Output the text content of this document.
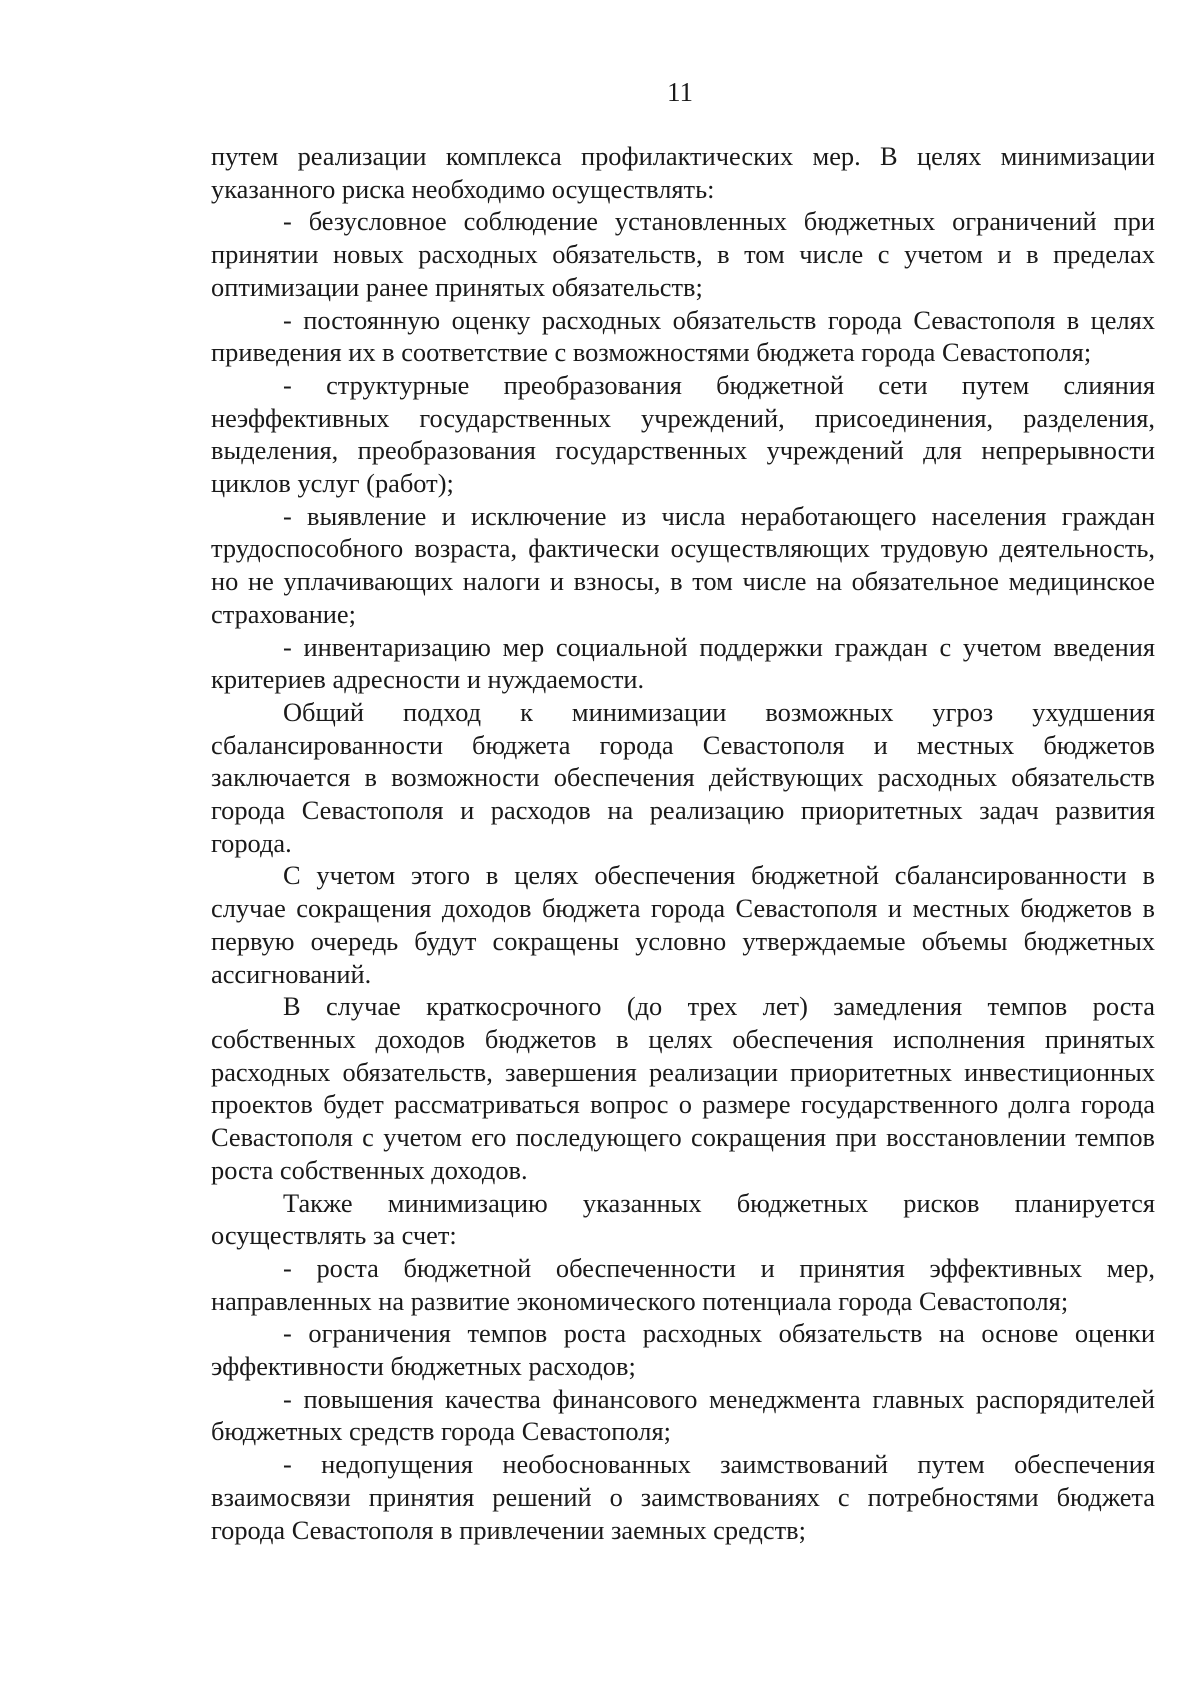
11

путем реализации комплекса профилактических мер. В целях минимизации указанного риска необходимо осуществлять:

- безусловное соблюдение установленных бюджетных ограничений при принятии новых расходных обязательств, в том числе с учетом и в пределах оптимизации ранее принятых обязательств;

- постоянную оценку расходных обязательств города Севастополя в целях приведения их в соответствие с возможностями бюджета города Севастополя;

- структурные преобразования бюджетной сети путем слияния неэффективных государственных учреждений, присоединения, разделения, выделения, преобразования государственных учреждений для непрерывности циклов услуг (работ);

- выявление и исключение из числа неработающего населения граждан трудоспособного возраста, фактически осуществляющих трудовую деятельность, но не уплачивающих налоги и взносы, в том числе на обязательное медицинское страхование;

- инвентаризацию мер социальной поддержки граждан с учетом введения критериев адресности и нуждаемости.

Общий подход к минимизации возможных угроз ухудшения сбалансированности бюджета города Севастополя и местных бюджетов заключается в возможности обеспечения действующих расходных обязательств города Севастополя и расходов на реализацию приоритетных задач развития города.

С учетом этого в целях обеспечения бюджетной сбалансированности в случае сокращения доходов бюджета города Севастополя и местных бюджетов в первую очередь будут сокращены условно утверждаемые объемы бюджетных ассигнований.

В случае краткосрочного (до трех лет) замедления темпов роста собственных доходов бюджетов в целях обеспечения исполнения принятых расходных обязательств, завершения реализации приоритетных инвестиционных проектов будет рассматриваться вопрос о размере государственного долга города Севастополя с учетом его последующего сокращения при восстановлении темпов роста собственных доходов.

Также минимизацию указанных бюджетных рисков планируется осуществлять за счет:

- роста бюджетной обеспеченности и принятия эффективных мер, направленных на развитие экономического потенциала города Севастополя;

- ограничения темпов роста расходных обязательств на основе оценки эффективности бюджетных расходов;

- повышения качества финансового менеджмента главных распорядителей бюджетных средств города Севастополя;

- недопущения необоснованных заимствований путем обеспечения взаимосвязи принятия решений о заимствованиях с потребностями бюджета города Севастополя в привлечении заемных средств;
